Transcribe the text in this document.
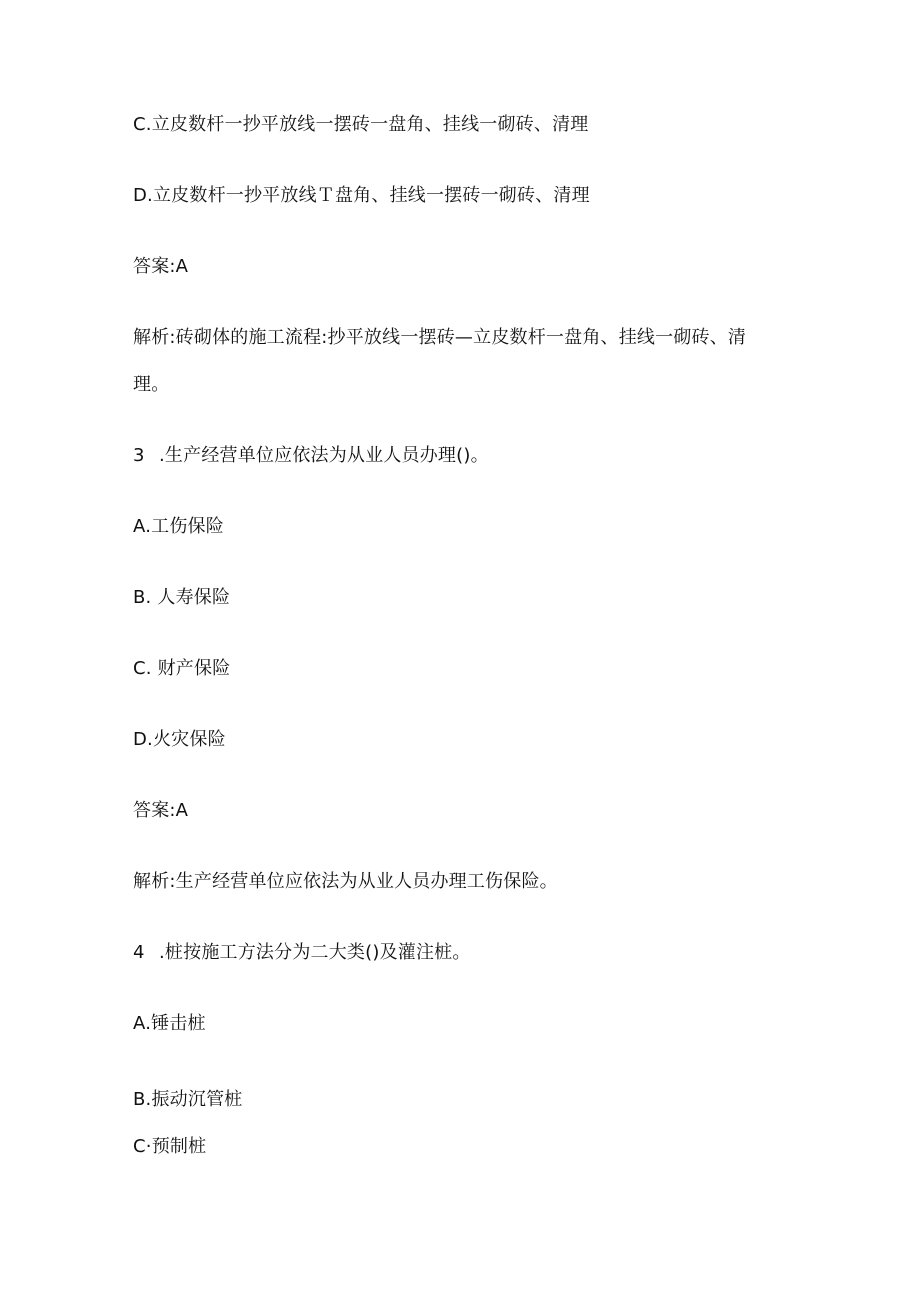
C.立皮数杆一抄平放线一摆砖一盘角、挂线一砌砖、清理
D.立皮数杆一抄平放线Ｔ盘角、挂线一摆砖一砌砖、清理
答案:A
解析:砖砌体的施工流程:抄平放线一摆砖—立皮数杆一盘角、挂线一砌砖、清
理。
3 .生产经营单位应依法为从业人员办理()。
A.工伤保险
B. 人寿保险
C. 财产保险
D.火灾保险
答案:A
解析:生产经营单位应依法为从业人员办理工伤保险。
4 .桩按施工方法分为二大类()及灌注桩。
A.锤击桩
B.振动沉管桩
C·预制桩
